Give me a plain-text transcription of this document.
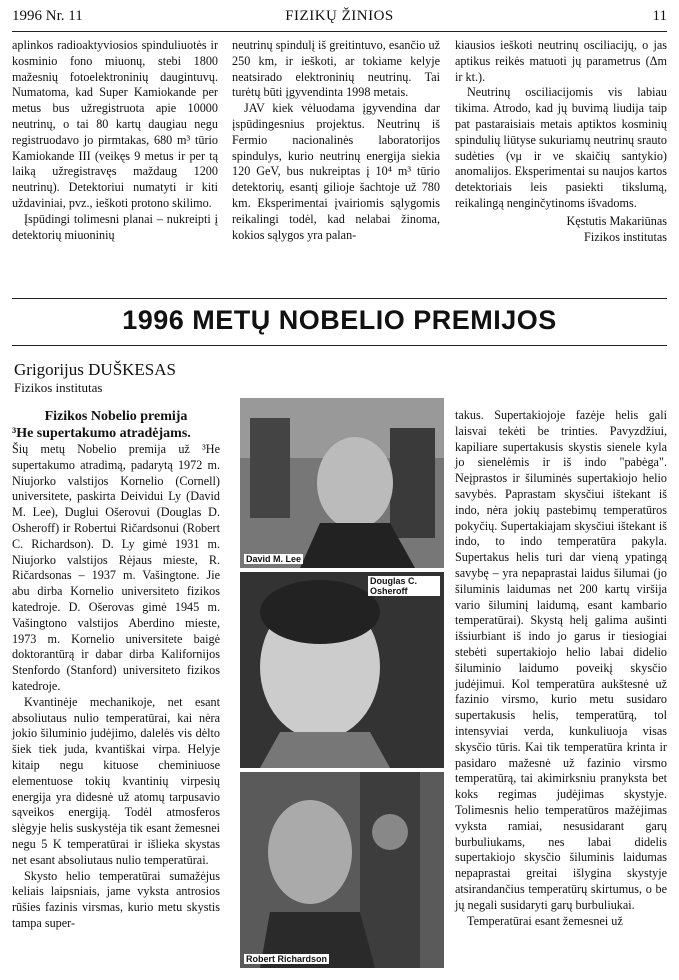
1996 Nr. 11	FIZIKŲ ŽINIOS	11

aplinkos radioaktyviosios spinduliuotės ir kosminio fono miuonų, stebi 1800 mažesnių fotoelektroninių daugintuvų. Numatoma, kad Super Kamiokande per metus bus užregistruota apie 10000 neutrinų, o tai 80 kartų daugiau negu registruodavo jo pirmtakas, 680 m³ tūrio Kamiokande III (veikęs 9 metus ir per tą laiką užregistravęs maždaug 1200 neutrinų). Detektoriui numatyti ir kiti uždaviniai, pvz., ieškoti protono skilimo.

Įspūdingi tolimesni planai – nukreipti į detektorių miuoninių

neutrinų spindulį iš greitintuvo, esančio už 250 km, ir ieškoti, ar tokiame kelyje neatsirado elektroninių neutrinų. Tai turėtų būti įgyvendinta 1998 metais.

JAV kiek vėluodama įgyvendina dar įspūdingesnius projektus. Neutrinų iš Fermio nacionalinės laboratorijos spindulys, kurio neutrinų energija siekia 120 GeV, bus nukreiptas į 10⁴ m³ tūrio detektorių, esantį giliojе šachtoje už 780 km. Eksperimentai įvairiomis sąlygomis reikalingi todėl, kad nelabai žinoma, kokios sąlygos yra palan-

kiausios ieškoti neutrinų osciliacijų, o jas aptikus reikės matuoti jų parametrus (Δm ir kt.).

Neutrinų osciliacijomis vis labiau tikima. Atrodo, kad jų buvimą liudija taip pat pastaraisiais metais aptiktos kosminių spindulių liūtyse sukuriamų neutrinų srauto sudėties (νμ ir νe skaičių santykio) anomalijos. Eksperimentai su naujos kartos detektoriais leis pasiekti tikslumą, reikalingą nenginčytinoms išvadoms.

Kęstutis Makariūnas

Fizikos institutas

1996 METŲ NOBELIO PREMIJOS
Grigorijus DUŠKESAS
Fizikos institutas
Fizikos Nobelio premija
³He supertakumo atradėjams.

Šių metų Nobelio premija už ³He supertakumo atradimą, padarytą 1972 m. Niujorko valstijos Kornelio (Cornell) universitete, paskirta Deividui Ly (David M. Lee), Duglui Ošerovui (Douglas D. Osheroff) ir Robertui Ričardsonui (Robert C. Richardson). D. Ly gimė 1931 m. Niujorko valstijos Rėjaus mieste, R. Ričardsonas – 1937 m. Vašingtone. Jie abu dirba Kornelio universiteto fizikos katedroje. D. Ošerovas gimė 1945 m. Vašingtono valstijos Aberdino mieste, 1973 m. Kornelio universitete baigė doktorantūrą ir dabar dirba Kalifornijos Stenfordo (Stanford) universiteto fizikos katedroje.

Kvantinėje mechanikoje, net esant absoliutaus nulio temperatūrai, kai nėra jokio šiluminio judėjimo, dalelės vis dėlto šiek tiek juda, kvantiškai virpa. Helyje kitaip negu kituose cheminiuose elementuose tokių kvantinių virpesių energija yra didesnė už atomų tarpusavio sąveikos energiją. Todėl atmosferos slėgyje helis suskystėja tik esant žemesnei negu 5 K temperatūrai ir išlieka skystas net esant absoliutaus nulio temperatūrai.

Skysto helio temperatūrai sumažėjus keliais laipsniais, jame vyksta antrosios rūšies fazinis virsmas, kurio metu skystis tampa super-

David M. Lee
Douglas C. Osheroff
Robert Richardson

takus. Supertakiojoje fazėje helis gali laisvai tekėti be trinties. Pavyzdžiui, kapiliare supertakusis skystis sienele kyla jo sienelėmis ir iš indo "pabėga". Neįprastos ir šiluminės supertakiojo helio savybės. Paprastam skysčiui ištekant iš indo, nėra jokių pastebimų temperatūros pokyčių. Supertakiajam skysčiui ištekant iš indo, to indo temperatūra pakyla. Supertakus helis turi dar vieną ypatingą savybę – yra nepaprastai laidus šilumai (jo šiluminis laidumas net 200 kartų viršija vario šiluminį laidumą, esant kambario temperatūrai). Skystą helį galima aušinti išsiurbiant iš indo jo garus ir tiesiogiai stebėti supertakiojo helio labai didelio šiluminio laidumo poveikį skysčio judėjimui. Kol temperatūra aukštesnė už fazinio virsmo, kurio metu susidaro supertakusis helis, temperatūrą, tol intensyviai verda, kunkuliuoja visas skysčio tūris. Kai tik temperatūra krinta ir pasidaro mažesnė už fazinio virsmo temperatūrą, tai akimirksniu pranyksta bet koks regimas judėjimas skystyje. Tolimesnis helio temperatūros mažėjimas vyksta ramiai, nesusidarant garų burbuliukams, nes labai didelis supertakiojo skysčio šiluminis laidumas nepaprastai greitai išlygina skystyje atsirandančius temperatūrų skirtumus, o be jų negali susidaryti garų burbuliukai.

Temperatūrai esant žemesnei už
